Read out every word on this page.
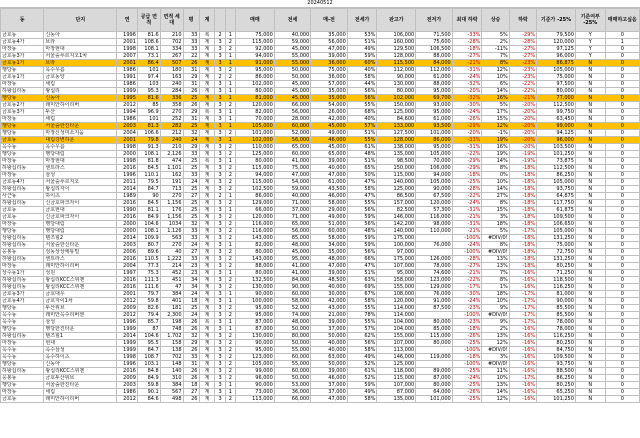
20240512
동	단지	연	공급 면적	면적 세대	평	계			매매	전세	매-전	전세가	판고가	전저가	최대 하락	상승	하락	기준가 -25%	기준여부 -25%	매매하고싶음
금호동	신동아	1996	81.6	210	33	복	2	1	75,000	40,000	35,000	53%	106,000	71,500	-33%	5%	-29%	79,500	Y	0
금호동4가	브라	2001	108.6	702	33	계	3	2	115,000	59,000	56,000	51%	160,000	75,600	-28%	2%	-28%	120,000	Y	1
마장동	마장현대	1998	108.1	334	33	계	3	2	92,000	45,000	47,000	49%	129,500	106,500	-18%	-11%	-27%	97,125	Y	0
금호동3가	서울숲푸르지오1차	2007	73.1	267	22	계	3	1	94,000	55,000	39,000	59%	128,000	88,000	-27%	7%	-27%	96,000	Y	0
금호동1가	브라	2001	86.4	507	26	계	3	1	91,000	55,000	36,000	60%	115,500	84,000	-21%	8%	-23%	86,875	N	0
행당동	옥수우름	1986	101	180	31	계	3	2	95,000	50,000	75,000	40%	112,000	112,000	-31%	12%	-23%	105,000	N	0
금호동1가	금호동앙	1991	97.4	163	29	계	2	2	86,000	50,000	36,000	58%	90,000	61,000	-24%	10%	-23%	75,000	N	0
마장동	세림	1986	103	240	31	계	3	1	102,000	45,000	57,000	44%	130,000	88,000	-32%	6%	-22%	97,500	N	0
하왕십리동	왕십리	1999	95.3	284	26	계	3	1	80,000	45,000	35,000	56%	80,000	95,000	-20%	14%	-22%	80,000	N	0
행당동	신동아	1995	81.6	336	25	계	3	1	81,000	45,000	35,000	56%	102,000	69,700	-32%	16%	-21%	77,000	N	0
금호동2가	래미안하이리버	2012	85	358	26	계	3	2	120,000	66,000	54,000	55%	150,000	93,000	-30%	5%	-20%	112,500	N	0
금호동3가	두산	1994	96.9	270	29	복	3	1	82,000	56,000	26,000	68%	125,000	95,000	-24%	17%	-20%	99,750	N	0
마장동	세림	1986	101	252	31	계	3	1	70,000	28,000	42,000	40%	84,600	61,000	-26%	15%	-20%	63,450	N	0
행당동	서울숲한진타운	2003	81.3	282	25	계	3	1	105,000	60,000	45,000	57%	133,000	93,500	-29%	12%	-20%	99,000	N	0
행당동	마장신성미소지움	2004	106.6	212	32	계	3	2	101,000	52,000	49,000	51%	127,500	101,000	-20%	-1%	-20%	94,125	N	0
금호동	대림강변하운	2001	79.8	240	24	계	3	1	102,000	56,000	46,000	55%	128,000	86,000	-33%	19%	-20%	96,000	N	0
옥수동	옥수우름	1998	91.3	210	29	계	3	2	110,000	65,000	45,000	61%	138,000	95,000	-31%	16%	-20%	103,500	N	0
행당동	행당대림	2000	108.1	2,126	33	계	3	2	125,000	60,000	65,000	48%	135,000	105,000	-22%	19%	-19%	101,250	N	0
마장동	마장현대	1998	81.8	474	25	복	3	1	80,000	41,000	39,000	51%	98,500	70,000	-29%	14%	-19%	73,875	N	0
하왕십리동	센트라스	2016	84.5	1,101	25	계	3	2	115,000	75,000	40,000	65%	150,000	106,000	-29%	8%	-18%	112,500	N	0
마장동	삼성	1996	110.1	162	33	계	3	2	94,000	47,000	47,000	50%	115,000	94,000	-18%	0%	-18%	86,250	N	0
금호동4가	서울숲푸르지오	2011	79.5	191	24	계	3	2	115,000	54,000	61,000	47%	140,000	105,000	-25%	10%	-18%	105,000	N	0
하왕십리동	왕십리자이	2014	84.7	713	25	계	3	2	102,500	59,000	43,500	58%	125,000	90,000	-28%	14%	-18%	93,750	N	0
사근동	하이츠	1989	90	270	27	계	2	1	86,000	40,000	46,000	47%	86,500	67,500	-22%	27%	-18%	64,875	N	0
하왕십리동	신금호파크자이	2016	84.5	1,156	25	계	3	2	129,000	71,000	58,000	55%	157,000	120,000	-24%	8%	-18%	117,750	N	0
금호동	금호현대	1990	81.1	176	25	계	3	1	66,000	37,000	29,000	56%	82,500	57,300	-31%	15%	-18%	61,875	N	0
금호동	신금호파크자이	2016	84.9	1,156	25	계	3	2	120,000	71,000	49,000	59%	146,000	116,000	-21%	3%	-18%	109,500	N	0
마장동	행당대림	2000	104.6	1034	32	계	3	2	116,000	65,000	51,000	56%	142,200	98,000	-31%	18%	-18%	106,650	N	0
행당동	행당대림	2000	108.1	1,126	33	계	3	2	116,000	56,000	60,000	48%	140,000	110,000	-21%	5%	-17%	105,000	N	0
상왕십리동	텐즈힐2	2014	109.9	563	33	계	3	2	143,000	85,000	58,000	59%	175,000		-100%	#DIV/0!	-18%	131,250	N	0
하왕십리동	서울숲한신타운	2003	80.7	270	24	계	3	1	82,000	48,000	34,000	59%	100,000	76,000	-24%	8%	-18%	75,000	N	0
응봉동	성동상상에듀빌	2006	89.6	40	27	계	3	2	80,000	45,000	35,000	56%	97,000		-100%	#DIV/0!	-18%	72,750	N	0
하왕십리동	센트라스	2016	110.5	1,222	33	계	3	2	143,000	95,000	48,000	66%	175,000	126,000	-28%	13%	-18%	131,250	N	0
마장동	래미안하이리버	2004	77.3	214	23	계	3	2	88,000	41,000	47,000	47%	107,000	78,000	-27%	13%	-18%	80,250	N	0
상수동1가	성원	1997	75.3	452	23	계	3	1	80,000	41,000	39,000	51%	95,000	74,600	-21%	7%	-16%	71,250	N	0
하왕십리동	왕십리KCC스위첸	2016	111.3	451	34	계	3	2	132,500	84,000	48,500	63%	158,000	123,000	-22%	8%	-16%	118,500	N	0
하왕십리동	왕십리KCC스위첸	2016	111.6	47	34	계	3	2	130,000	90,000	40,000	69%	155,000	129,000	-17%	1%	-16%	116,250	N	0
금호동3가	금호대우	2001	79.7	384	24	계	3	1	90,000	60,000	30,000	67%	108,000	76,000	-30%	18%	-17%	81,000	N	0
금호동4가	금호자이1차	2012	59.8	401	18	계	3	1	100,000	58,000	42,000	58%	120,000	91,000	-24%	10%	-17%	90,000	N	0
행당동	두산위브	2009	82.6	181	25	계	3	2	95,000	52,000	43,000	55%	114,000	87,500	-23%	9%	-17%	85,500	N	0
옥수동	래미안옥수리버젠	2012	79.4	2,300	24	계	3	2	95,000	74,000	21,000	78%	114,000		-100%	#DIV/0!	-17%	85,500	N	0
옥수동	삼성	1996	85.7	198	26	복	3	1	87,000	48,000	39,000	55%	104,000	80,000	-23%	9%	-17%	78,000	N	0
행당동	행당한진타운	1999	87	748	26	계	3	1	87,000	50,000	37,000	57%	104,000	85,000	-18%	2%	-16%	78,000	N	0
하왕십리동	텐즈힐1	2014	104.6	1,702	32	계	3	2	130,000	80,000	50,000	62%	155,000	115,000	-26%	13%	-16%	116,250	N	0
마장동	현대	1999	95.5	158	29	계	3	2	90,000	50,000	40,000	56%	107,000	80,000	-25%	12%	-16%	80,250	N	0
옥수동	옥수삼성	1999	84.7	138	26	계	3	2	95,000	55,000	40,000	58%	113,000		-100%	#DIV/0!	-16%	84,750	N	0
옥수동	옥수하이츠	1998	108.7	702	33	계	3	2	123,000	60,000	63,000	49%	146,000	119,000	-18%	3%	-16%	109,500	N	0
행당동	신동아	1996	103.1	148	31	계	3	2	105,000	55,000	50,000	52%	125,000		-100%	#DIV/0!	-16%	93,750	N	0
하왕십리동	왕십리KCC스위첸	2016	84.8	140	26	계	3	2	99,000	60,000	39,000	61%	118,000	89,000	-25%	11%	-16%	88,500	N	0
응봉동	금호두산위브	2009	84.9	310	26	계	3	2	96,000	50,000	46,000	52%	115,000	87,000	-24%	10%	-17%	86,250	N	0
행당동	서울숲한진타운	2003	59.8	384	18	계	3	1	90,000	53,000	37,000	59%	107,000	80,000	-25%	13%	-16%	80,250	N	0
마장동	세림	1986	90.1	567	27	계	3	1	73,000	36,000	37,000	49%	87,000	64,000	-26%	14%	-16%	65,250	N	0
금호동	래미안하이리버	2012	84.6	498	26	계	3	2	113,000	66,000	47,000	58%	135,000	101,000	-25%	12%	-16%	101,250	N	0
